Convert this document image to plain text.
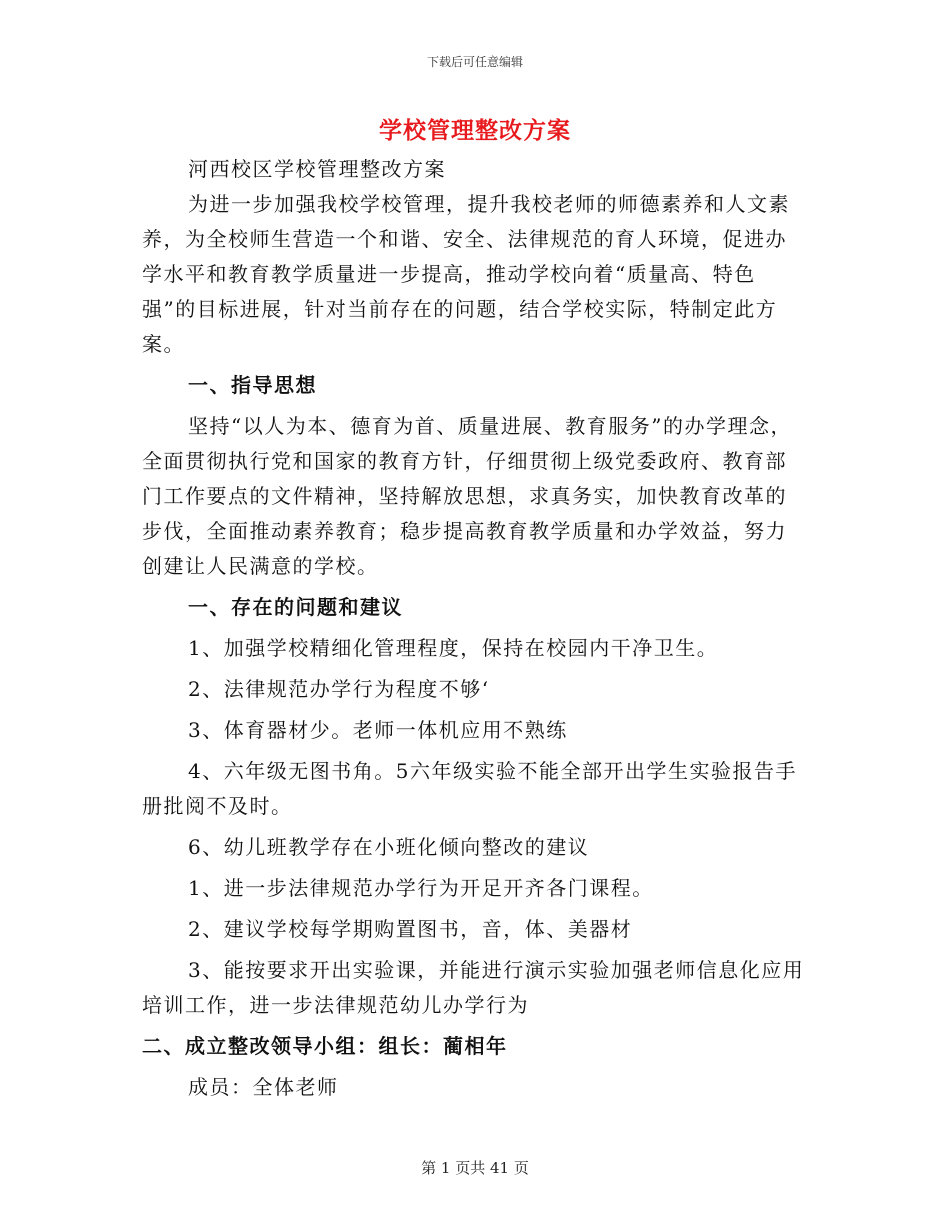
下载后可任意编辑
学校管理整改方案
河西校区学校管理整改方案
为进一步加强我校学校管理，提升我校老师的师德素养和人文素
养，为全校师生营造一个和谐、安全、法律规范的育人环境，促进办
学水平和教育教学质量进一步提高，推动学校向着“质量高、特色
强”的目标进展，针对当前存在的问题，结合学校实际，特制定此方
案。
一、指导思想
坚持“以人为本、德育为首、质量进展、教育服务”的办学理念，
全面贯彻执行党和国家的教育方针，仔细贯彻上级党委政府、教育部
门工作要点的文件精神，坚持解放思想，求真务实，加快教育改革的
步伐，全面推动素养教育；稳步提高教育教学质量和办学效益，努力
创建让人民满意的学校。
一、存在的问题和建议
1、加强学校精细化管理程度，保持在校园内干净卫生。
2、法律规范办学行为程度不够‘
3、体育器材少。老师一体机应用不熟练
4、六年级无图书角。5六年级实验不能全部开出学生实验报告手
册批阅不及时。
6、幼儿班教学存在小班化倾向整改的建议
1、进一步法律规范办学行为开足开齐各门课程。
2、建议学校每学期购置图书，音，体、美器材
3、能按要求开出实验课，并能进行演示实验加强老师信息化应用
培训工作，进一步法律规范幼儿办学行为
二、成立整改领导小组：组长：蔺相年
成员：全体老师
第 1 页共 41 页
